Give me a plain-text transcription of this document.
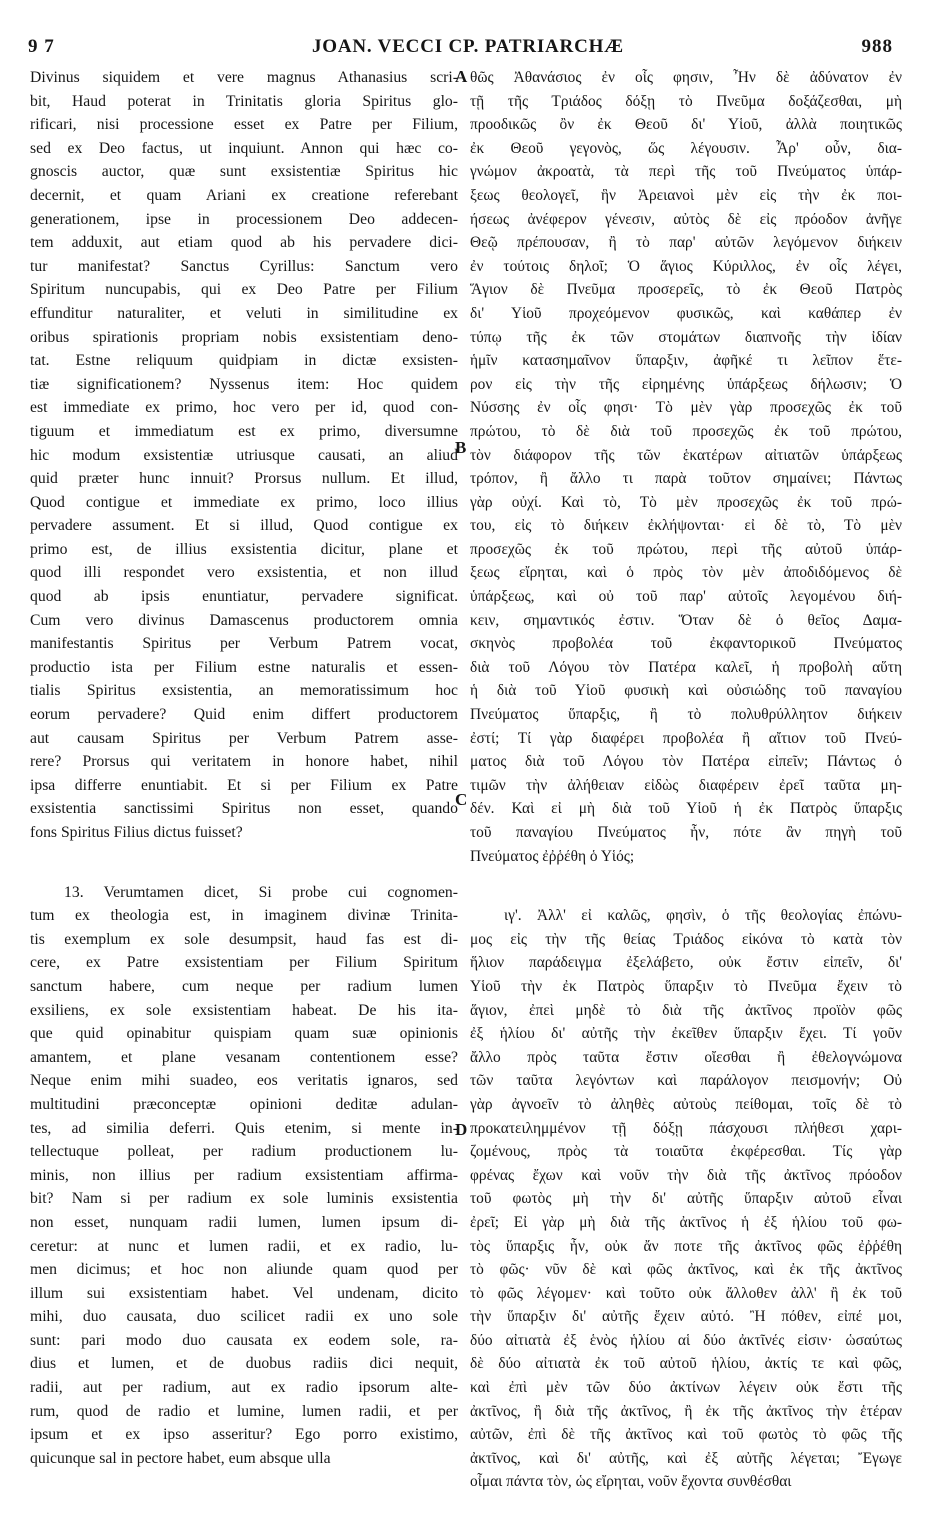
9 7	JOAN. VECCI CP. PATRIARCHÆ	988
A
B
C
D
Divinus siquidem et vere magnus Athanasius scri-
bit, Haud poterat in Trinitatis gloria Spiritus glo-
rificari, nisi processione esset ex Patre per Filium,
sed ex Deo factus, ut inquiunt. Annon qui hæc co-
gnoscis auctor, quæ sunt exsistentiæ Spiritus hic
decernit, et quam Ariani ex creatione referebant
generationem, ipse in processionem Deo addecen-
tem adduxit, aut etiam quod ab his pervadere dici-
tur manifestat? Sanctus Cyrillus: Sanctum vero
Spiritum nuncupabis, qui ex Deo Patre per Filium
effunditur naturaliter, et veluti in similitudine ex
oribus spirationis propriam nobis exsistentiam deno-
tat. Estne reliquum quidpiam in dictæ exsisten-
tiæ significationem? Nyssenus item: Hoc quidem
est immediate ex primo, hoc vero per id, quod con-
tiguum et immediatum est ex primo, diversumne
hic modum exsistentiæ utriusque causati, an aliud
quid præter hunc innuit? Prorsus nullum. Et illud,
Quod contigue et immediate ex primo, loco illius
pervadere assument. Et si illud, Quod contigue ex
primo est, de illius exsistentia dicitur, plane et
quod illi respondet vero exsistentia, et non illud
quod ab ipsis enuntiatur, pervadere significat.
Cum vero divinus Damascenus productorem omnia
manifestantis Spiritus per Verbum Patrem vocat,
productio ista per Filium estne naturalis et essen-
tialis Spiritus exsistentia, an memoratissimum hoc
eorum pervadere? Quid enim differt productorem
aut causam Spiritus per Verbum Patrem asse-
rere? Prorsus qui veritatem in honore habet, nihil
ipsa differre enuntiabit. Et si per Filium ex Patre
exsistentia sanctissimi Spiritus non esset, quando
fons Spiritus Filius dictus fuisset?
13. Verumtamen dicet, Si probe cui cognomen-
tum ex theologia est, in imaginem divinæ Trinita-
tis exemplum ex sole desumpsit, haud fas est di-
cere, ex Patre exsistentiam per Filium Spiritum
sanctum habere, cum neque per radium lumen
exsiliens, ex sole exsistentiam habeat. De his ita-
que quid opinabitur quispiam quam suæ opinionis
amantem, et plane vesanam contentionem esse?
Neque enim mihi suadeo, eos veritatis ignaros, sed
multitudini præconceptæ opinioni deditæ adulan-
tes, ad similia deferri. Quis etenim, si mente in-
tellectuque polleat, per radium productionem lu-
minis, non illius per radium exsistentiam affirma-
bit? Nam si per radium ex sole luminis exsistentia
non esset, nunquam radii lumen, lumen ipsum di-
ceretur: at nunc et lumen radii, et ex radio, lu-
men dicimus; et hoc non aliunde quam quod per
illum sui exsistentiam habet. Vel undenam, dicito
mihi, duo causata, duo scilicet radii ex uno sole
sunt: pari modo duo causata ex eodem sole, ra-
dius et lumen, et de duobus radiis dici nequit,
radii, aut per radium, aut ex radio ipsorum alte-
rum, quod de radio et lumine, lumen radii, et per
ipsum et ex ipso asseritur? Ego porro existimo,
quicunque sal in pectore habet, eum absque ulla
θῶς Ἀθανάσιος ἐν οἷς φησιν, Ἦν δὲ ἀδύνατον ἐν
τῇ τῆς Τριάδος δόξῃ τὸ Πνεῦμα δοξάζεσθαι, μὴ
προοδικῶς ὂν ἐκ Θεοῦ δι' Υἱοῦ, ἀλλὰ ποιητικῶς
ἐκ Θεοῦ γεγονὸς, ὥς λέγουσιν. Ἆρ' οὖν, δια-
γνώμον ἀκροατὰ, τὰ περὶ τῆς τοῦ Πνεύματος ὑπάρ-
ξεως θεολογεῖ, ἣν Ἀρειανοὶ μὲν εἰς τὴν ἐκ ποι-
ήσεως ἀνέφερον γένεσιν, αὐτὸς δὲ εἰς πρόοδον ἀνῆγε
Θεῷ πρέπουσαν, ἢ τὸ παρ' αὐτῶν λεγόμενον διήκειν
ἐν τούτοις δηλοῖ; Ὁ ἅγιος Κύριλλος, ἐν οἷς λέγει,
Ἅγιον δὲ Πνεῦμα προσερεῖς, τὸ ἐκ Θεοῦ Πατρὸς
δι' Υἱοῦ προχεόμενον φυσικῶς, καὶ καθάπερ ἐν
τύπῳ τῆς ἐκ τῶν στομάτων διαπνοῆς τὴν ἰδίαν
ἡμῖν κατασημαῖνον ὕπαρξιν, ἀφῆκέ τι λεῖπον ἕτε-
ρον εἰς τὴν τῆς εἰρημένης ὑπάρξεως δήλωσιν; Ὁ
Νύσσης ἐν οἷς φησι· Τὸ μὲν γὰρ προσεχῶς ἐκ τοῦ
πρώτου, τὸ δὲ διὰ τοῦ προσεχῶς ἐκ τοῦ πρώτου,
τὸν διάφορον τῆς τῶν ἑκατέρων αἰτιατῶν ὑπάρξεως
τρόπον, ἢ ἄλλο τι παρὰ τοῦτον σημαίνει; Πάντως
γὰρ οὐχί. Καὶ τὸ, Τὸ μὲν προσεχῶς ἐκ τοῦ πρώ-
του, εἰς τὸ διήκειν ἐκλήψονται· εἰ δὲ τὸ, Τὸ μὲν
προσεχῶς ἐκ τοῦ πρώτου, περὶ τῆς αὐτοῦ ὑπάρ-
ξεως εἴρηται, καὶ ὁ πρὸς τὸν μὲν ἀποδιδόμενος δὲ
ὑπάρξεως, καὶ οὐ τοῦ παρ' αὐτοῖς λεγομένου διή-
κειν, σημαντικός ἐστιν. Ὅταν δὲ ὁ θεῖος Δαμα-
σκηνὸς προβολέα τοῦ ἐκφαντορικοῦ Πνεύματος
διὰ τοῦ Λόγου τὸν Πατέρα καλεῖ, ἡ προβολὴ αὕτη
ἡ διὰ τοῦ Υἱοῦ φυσικὴ καὶ οὐσιώδης τοῦ παναγίου
Πνεύματος ὕπαρξις, ἢ τὸ πολυθρύλλητον διήκειν
ἐστί; Τί γὰρ διαφέρει προβολέα ἢ αἴτιον τοῦ Πνεύ-
ματος διὰ τοῦ Λόγου τὸν Πατέρα εἰπεῖν; Πάντως ὁ
τιμῶν τὴν ἀλήθειαν εἰδὼς διαφέρειν ἐρεῖ ταῦτα μη-
δέν. Καὶ εἰ μὴ διὰ τοῦ Υἱοῦ ἡ ἐκ Πατρὸς ὕπαρξις
τοῦ παναγίου Πνεύματος ἦν, πότε ἂν πηγὴ τοῦ
Πνεύματος ἐῤῥέθη ὁ Υἱός;
ιγ'. Ἀλλ' εἰ καλῶς, φησὶν, ὁ τῆς θεολογίας ἐπώνυ-
μος εἰς τὴν τῆς θείας Τριάδος εἰκόνα τὸ κατὰ τὸν
ἥλιον παράδειγμα ἐξελάβετο, οὐκ ἔστιν εἰπεῖν, δι'
Υἱοῦ τὴν ἐκ Πατρὸς ὕπαρξιν τὸ Πνεῦμα ἔχειν τὸ
ἅγιον, ἐπεὶ μηδὲ τὸ διὰ τῆς ἀκτῖνος προϊὸν φῶς
ἐξ ἡλίου δι' αὐτῆς τὴν ἐκεῖθεν ὕπαρξιν ἔχει. Τί γοῦν
ἄλλο πρὸς ταῦτα ἔστιν οἴεσθαι ἢ ἐθελογνώμονα
τῶν ταῦτα λεγόντων καὶ παράλογον πεισμονήν; Οὐ
γὰρ ἀγνοεῖν τὸ ἀληθὲς αὐτοὺς πείθομαι, τοῖς δὲ τὸ
προκατειλημμένον τῇ δόξῃ πάσχουσι πλήθεσι χαρι-
ζομένους, πρὸς τὰ τοιαῦτα ἐκφέρεσθαι. Τίς γὰρ
φρένας ἔχων καὶ νοῦν τὴν διὰ τῆς ἀκτῖνος πρόοδον
τοῦ φωτὸς μὴ τὴν δι' αὐτῆς ὕπαρξιν αὐτοῦ εἶναι
ἐρεῖ; Εἰ γὰρ μὴ διὰ τῆς ἀκτῖνος ἡ ἐξ ἡλίου τοῦ φω-
τὸς ὕπαρξις ἦν, οὐκ ἄν ποτε τῆς ἀκτῖνος φῶς ἐῤῥέθη
τὸ φῶς· νῦν δὲ καὶ φῶς ἀκτῖνος, καὶ ἐκ τῆς ἀκτῖνος
τὸ φῶς λέγομεν· καὶ τοῦτο οὐκ ἄλλοθεν ἀλλ' ἢ ἐκ τοῦ
τὴν ὕπαρξιν δι' αὐτῆς ἔχειν αὐτό. Ἢ πόθεν, εἰπέ μοι,
δύο αἰτιατὰ ἐξ ἑνὸς ἡλίου αἱ δύο ἀκτῖνές εἰσιν· ὡσαύτως
δὲ δύο αἰτιατὰ ἐκ τοῦ αὐτοῦ ἡλίου, ἀκτίς τε καὶ φῶς,
καὶ ἐπὶ μὲν τῶν δύο ἀκτίνων λέγειν οὐκ ἔστι τῆς
ἀκτῖνος, ἢ διὰ τῆς ἀκτῖνος, ἢ ἐκ τῆς ἀκτῖνος τὴν ἑτέραν
αὐτῶν, ἐπὶ δὲ τῆς ἀκτῖνος καὶ τοῦ φωτὸς τὸ φῶς τῆς
ἀκτῖνος, καὶ δι' αὐτῆς, καὶ ἐξ αὐτῆς λέγεται; Ἔγωγε
οἶμαι πάντα τὸν, ὡς εἴρηται, νοῦν ἔχοντα συνθέσθαι
